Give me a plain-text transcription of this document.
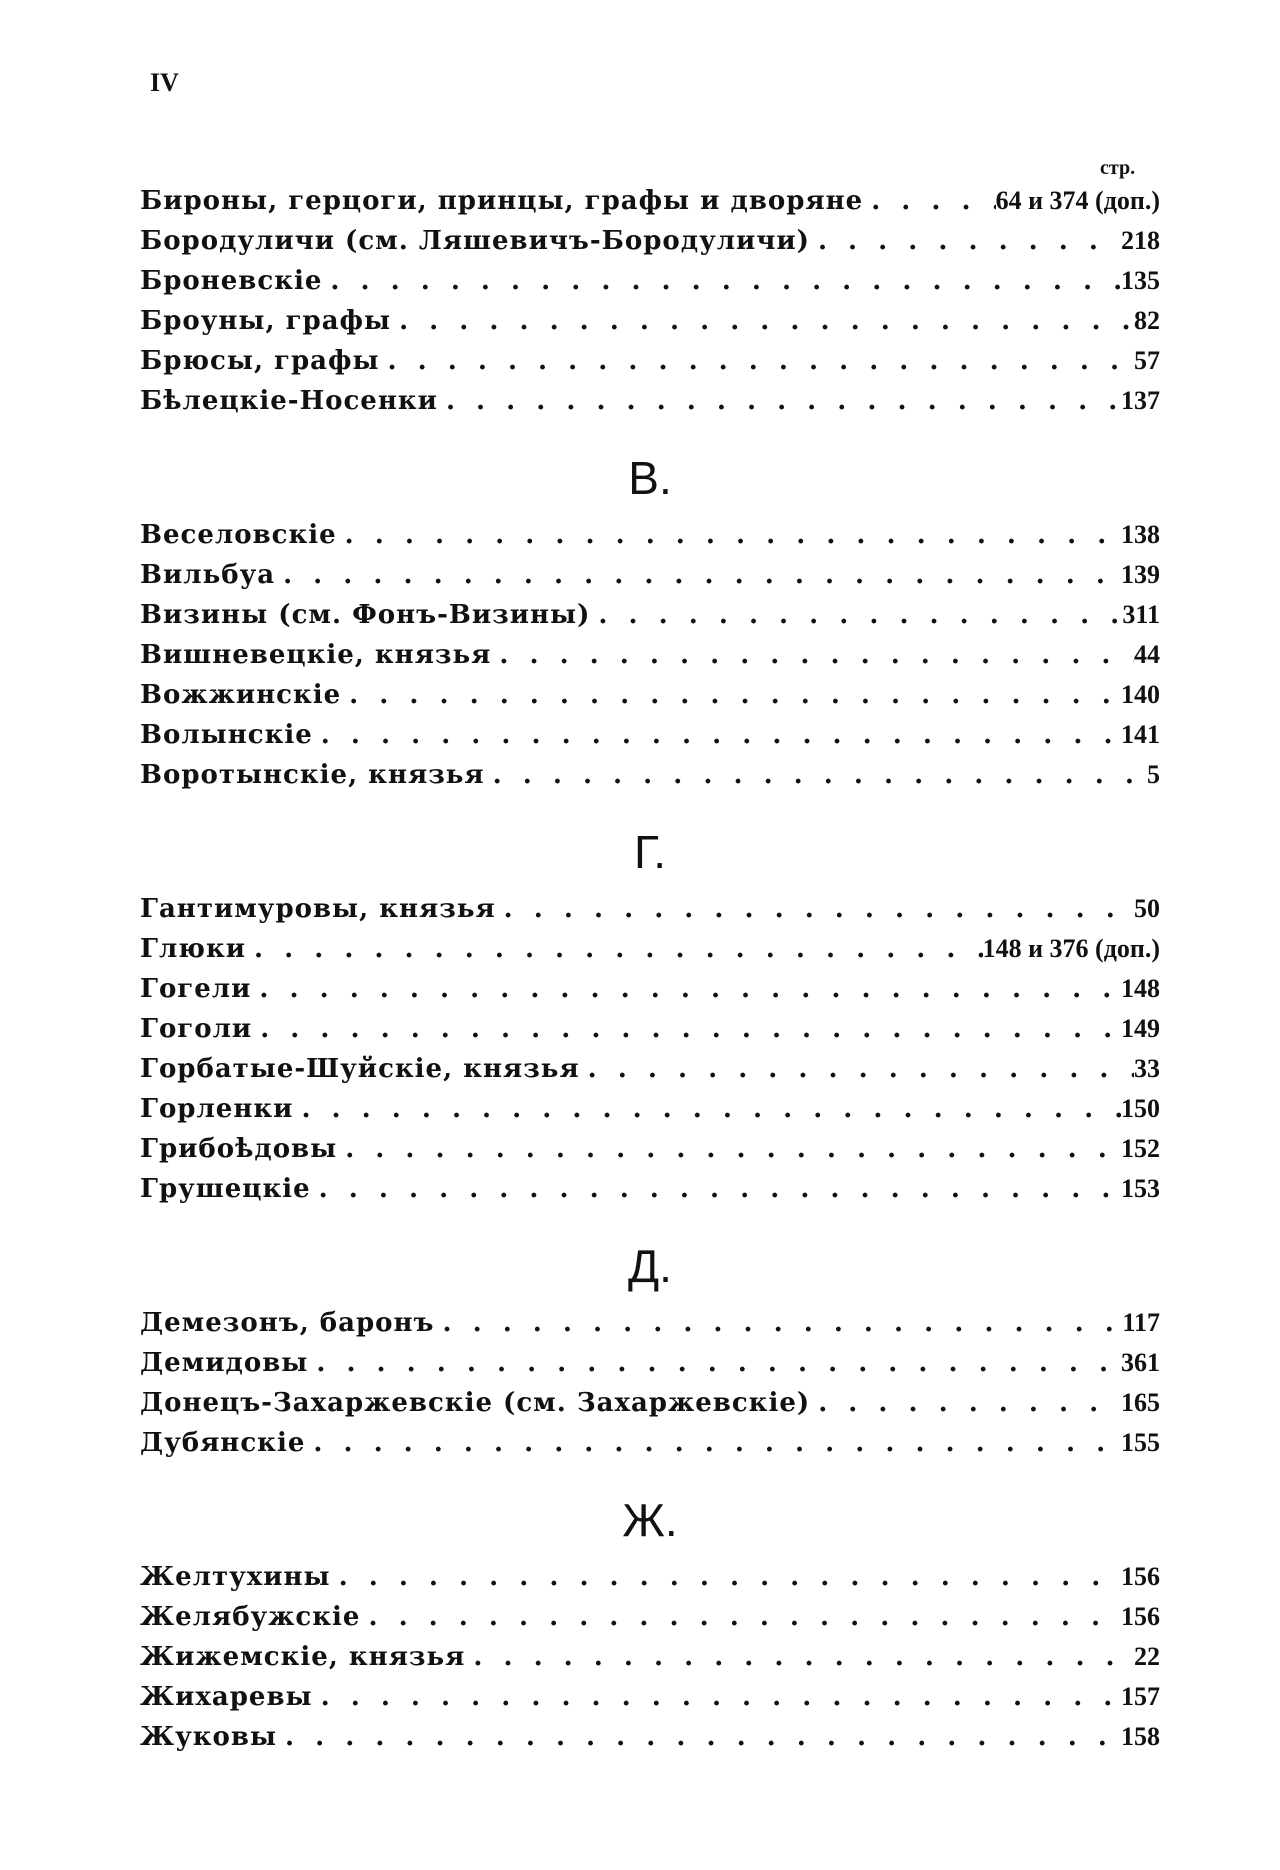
IV
стр.
Бироны, герцоги, принцы, графы и дворяне . . .	64 и 374 (доп.)
Бородуличи (см. Ляшевичъ-Бородуличи) . . .	218
Броневскіе . . .	135
Броуны, графы . . .	82
Брюсы, графы . . .	57
Бѣлецкіе-Носенки . . .	137
В.
Веселовскіе . . .	138
Вильбуа . . .	139
Визины (см. Фонъ-Визины) . . .	311
Вишневецкіе, князья . . .	44
Вожжинскіе . . .	140
Волынскіе . . .	141
Воротынскіе, князья . . .	5
Г.
Гантимуровы, князья . . .	50
Глюки . . .	148 и 376 (доп.)
Гогели . . .	148
Гоголи . . .	149
Горбатые-Шуйскіе, князья . . .	33
Горленки . . .	150
Грибоѣдовы . . .	152
Грушецкіе . . .	153
Д.
Демезонъ, баронъ . . .	117
Демидовы . . .	361
Донецъ-Захаржевскіе (см. Захаржевскіе) . . .	165
Дубянскіе . . .	155
Ж.
Желтухины . . .	156
Желябужскіе . . .	156
Жижемскіе, князья . . .	22
Жихаревы . . .	157
Жуковы . . .	158
